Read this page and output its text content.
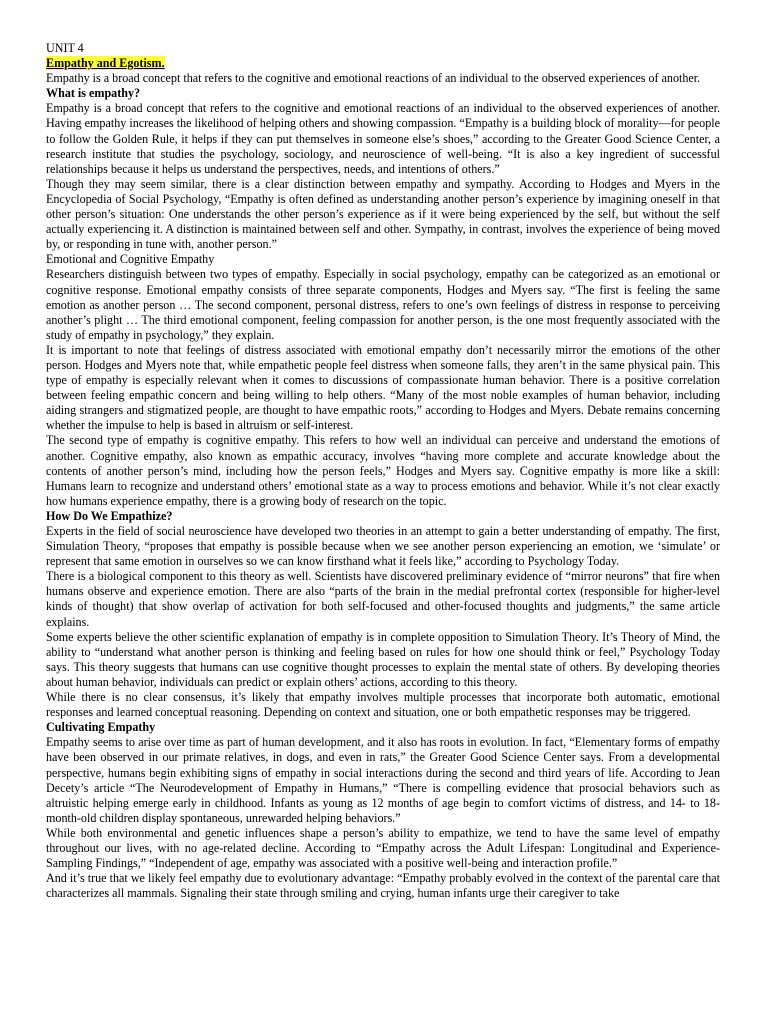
UNIT 4

Empathy and Egotism.

Empathy is a broad concept that refers to the cognitive and emotional reactions of an individual to the observed experiences of another.

What is empathy?

Empathy is a broad concept that refers to the cognitive and emotional reactions of an individual to the observed experiences of another. Having empathy increases the likelihood of helping others and showing compassion. “Empathy is a building block of morality—for people to follow the Golden Rule, it helps if they can put themselves in someone else’s shoes,” according to the Greater Good Science Center, a research institute that studies the psychology, sociology, and neuroscience of well-being. “It is also a key ingredient of successful relationships because it helps us understand the perspectives, needs, and intentions of others.”

Though they may seem similar, there is a clear distinction between empathy and sympathy. According to Hodges and Myers in the Encyclopedia of Social Psychology, “Empathy is often defined as understanding another person’s experience by imagining oneself in that other person’s situation: One understands the other person’s experience as if it were being experienced by the self, but without the self actually experiencing it. A distinction is maintained between self and other. Sympathy, in contrast, involves the experience of being moved by, or responding in tune with, another person.”

Emotional and Cognitive Empathy

Researchers distinguish between two types of empathy. Especially in social psychology, empathy can be categorized as an emotional or cognitive response. Emotional empathy consists of three separate components, Hodges and Myers say. “The first is feeling the same emotion as another person … The second component, personal distress, refers to one’s own feelings of distress in response to perceiving another’s plight … The third emotional component, feeling compassion for another person, is the one most frequently associated with the study of empathy in psychology,” they explain.

It is important to note that feelings of distress associated with emotional empathy don’t necessarily mirror the emotions of the other person. Hodges and Myers note that, while empathetic people feel distress when someone falls, they aren’t in the same physical pain. This type of empathy is especially relevant when it comes to discussions of compassionate human behavior. There is a positive correlation between feeling empathic concern and being willing to help others. “Many of the most noble examples of human behavior, including aiding strangers and stigmatized people, are thought to have empathic roots,” according to Hodges and Myers. Debate remains concerning whether the impulse to help is based in altruism or self-interest.

The second type of empathy is cognitive empathy. This refers to how well an individual can perceive and understand the emotions of another. Cognitive empathy, also known as empathic accuracy, involves “having more complete and accurate knowledge about the contents of another person’s mind, including how the person feels,” Hodges and Myers say. Cognitive empathy is more like a skill: Humans learn to recognize and understand others’ emotional state as a way to process emotions and behavior. While it’s not clear exactly how humans experience empathy, there is a growing body of research on the topic.

How Do We Empathize?

Experts in the field of social neuroscience have developed two theories in an attempt to gain a better understanding of empathy. The first, Simulation Theory, “proposes that empathy is possible because when we see another person experiencing an emotion, we ‘simulate’ or represent that same emotion in ourselves so we can know firsthand what it feels like,” according to Psychology Today.

There is a biological component to this theory as well. Scientists have discovered preliminary evidence of “mirror neurons” that fire when humans observe and experience emotion. There are also “parts of the brain in the medial prefrontal cortex (responsible for higher-level kinds of thought) that show overlap of activation for both self-focused and other-focused thoughts and judgments,” the same article explains.

Some experts believe the other scientific explanation of empathy is in complete opposition to Simulation Theory. It’s Theory of Mind, the ability to “understand what another person is thinking and feeling based on rules for how one should think or feel,” Psychology Today says. This theory suggests that humans can use cognitive thought processes to explain the mental state of others. By developing theories about human behavior, individuals can predict or explain others’ actions, according to this theory.

While there is no clear consensus, it’s likely that empathy involves multiple processes that incorporate both automatic, emotional responses and learned conceptual reasoning. Depending on context and situation, one or both empathetic responses may be triggered.

Cultivating Empathy

Empathy seems to arise over time as part of human development, and it also has roots in evolution. In fact, “Elementary forms of empathy have been observed in our primate relatives, in dogs, and even in rats,” the Greater Good Science Center says. From a developmental perspective, humans begin exhibiting signs of empathy in social interactions during the second and third years of life. According to Jean Decety’s article “The Neurodevelopment of Empathy in Humans,” “There is compelling evidence that prosocial behaviors such as altruistic helping emerge early in childhood. Infants as young as 12 months of age begin to comfort victims of distress, and 14- to 18-month-old children display spontaneous, unrewarded helping behaviors.”

While both environmental and genetic influences shape a person’s ability to empathize, we tend to have the same level of empathy throughout our lives, with no age-related decline. According to “Empathy across the Adult Lifespan: Longitudinal and Experience-Sampling Findings,” “Independent of age, empathy was associated with a positive well-being and interaction profile.”

And it’s true that we likely feel empathy due to evolutionary advantage: “Empathy probably evolved in the context of the parental care that characterizes all mammals. Signaling their state through smiling and crying, human infants urge their caregiver to take
